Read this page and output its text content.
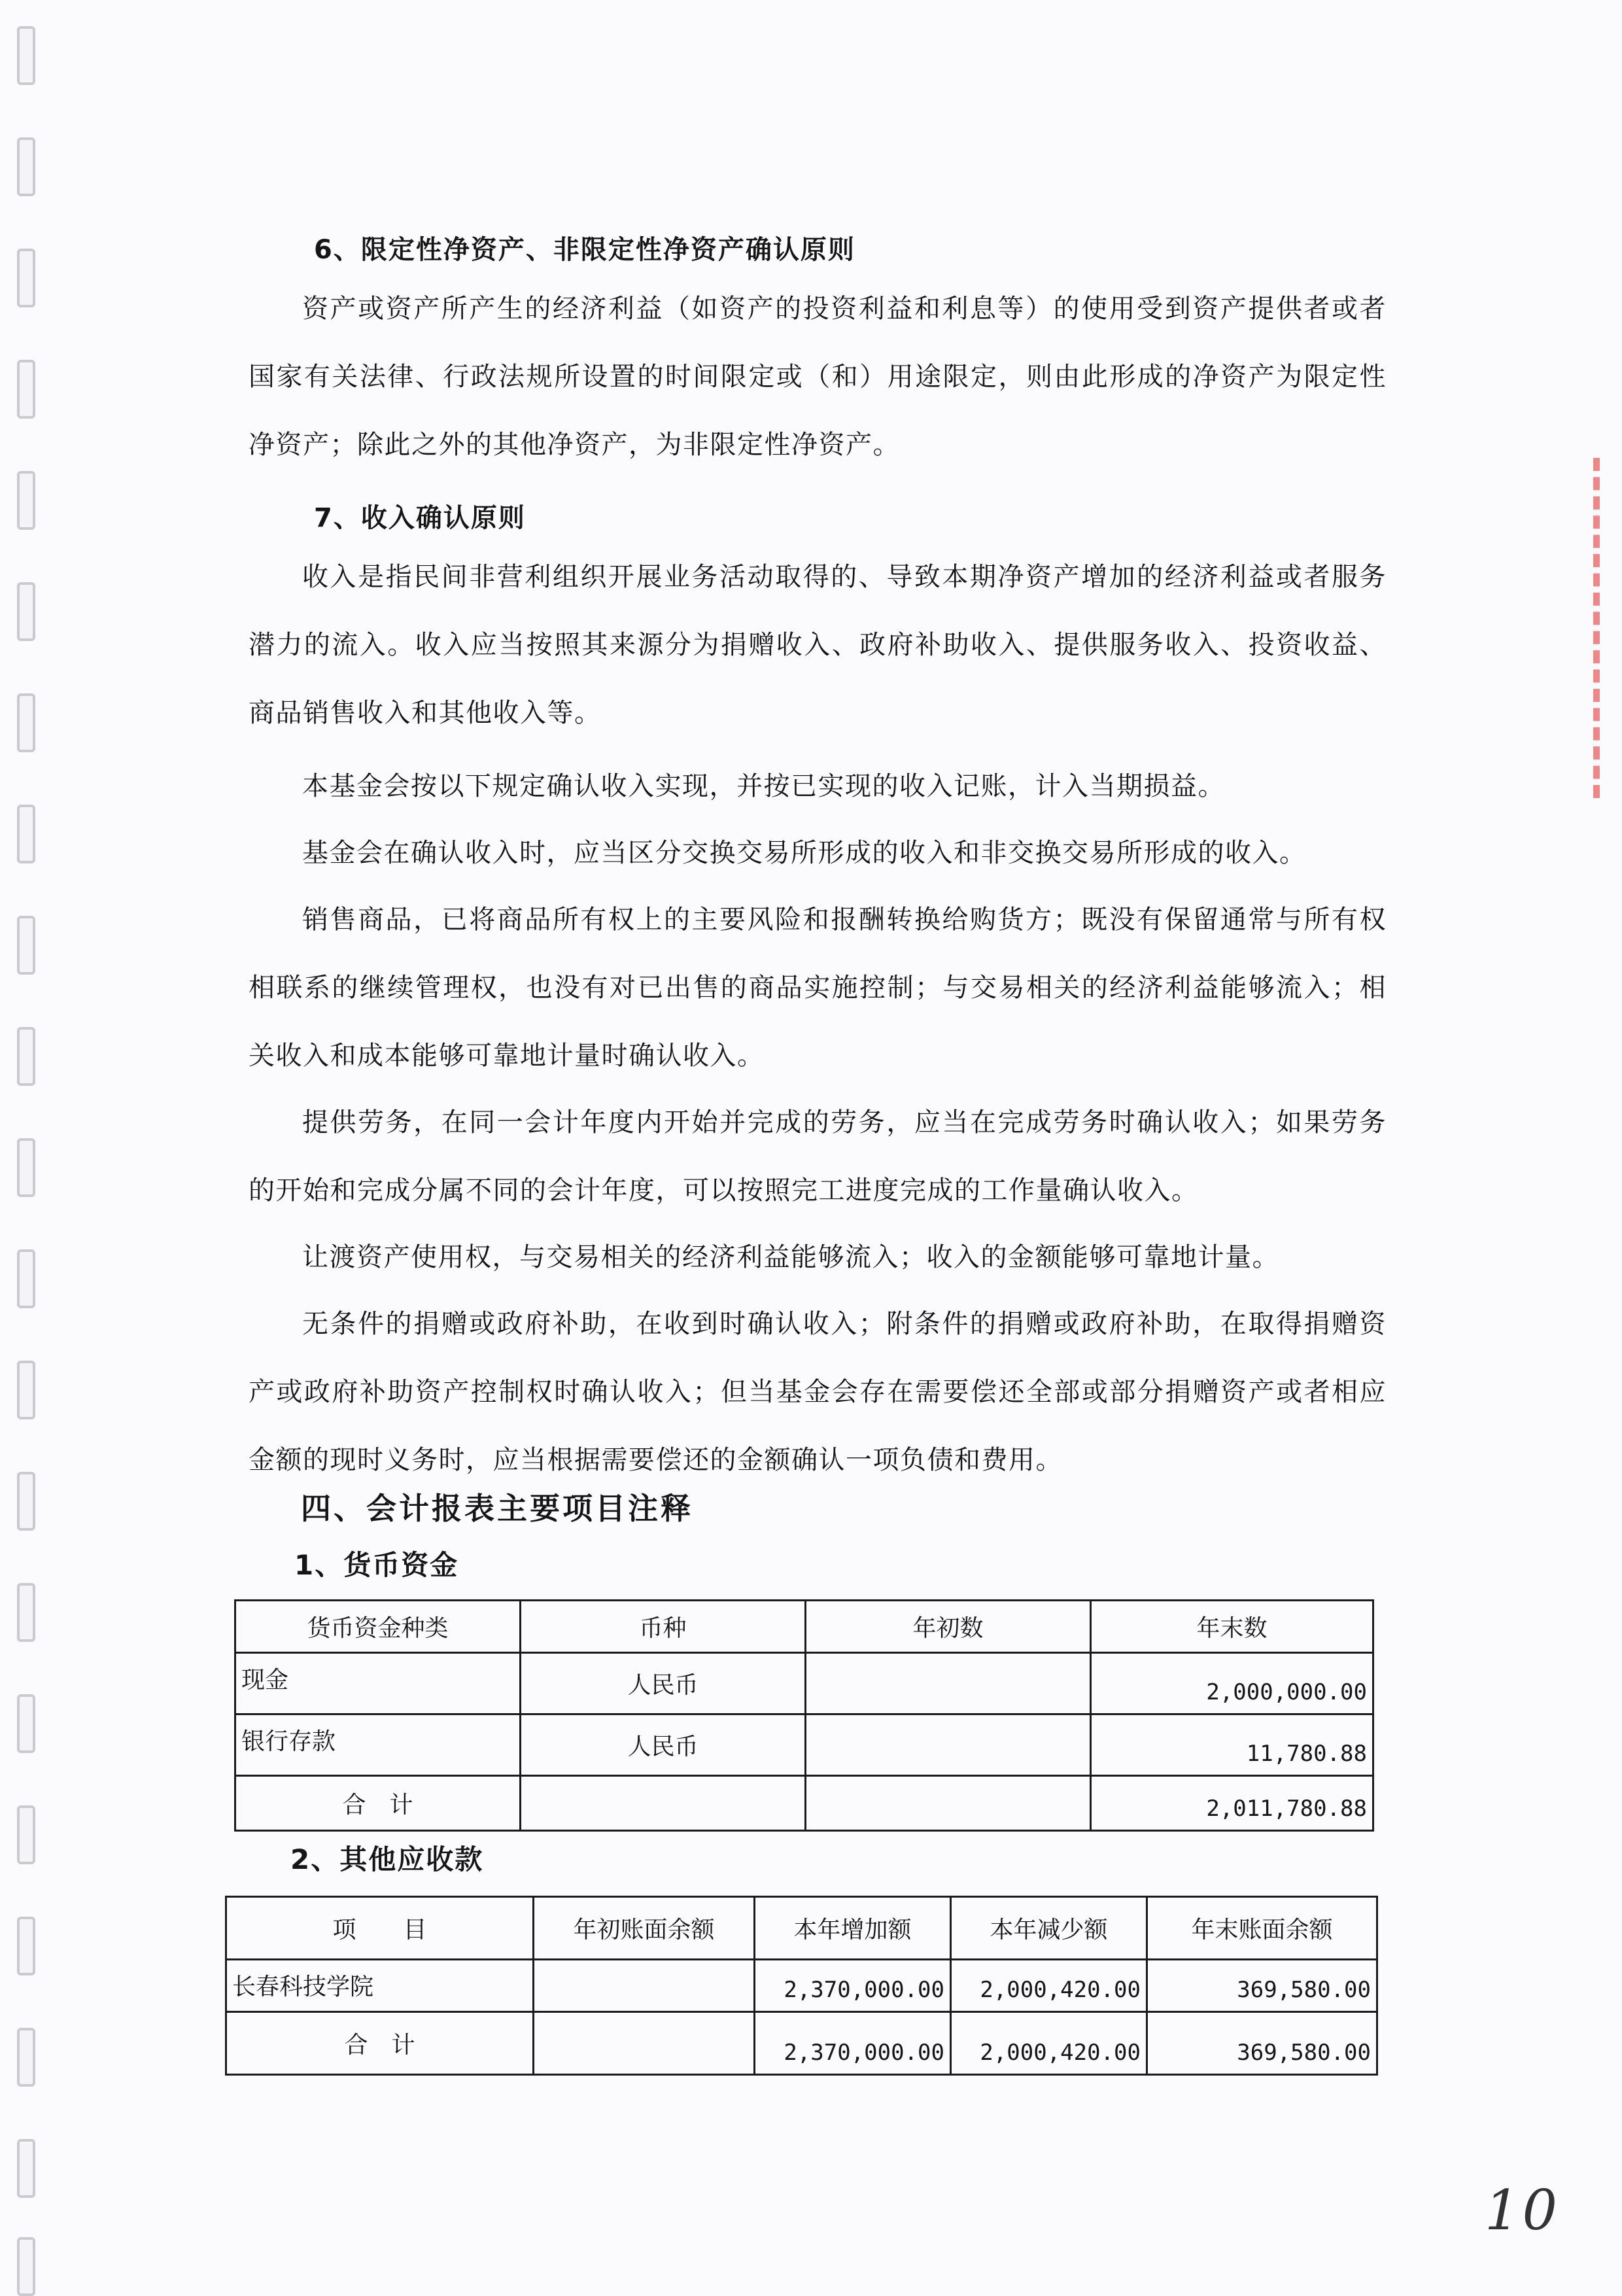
6、限定性净资产、非限定性净资产确认原则
资产或资产所产生的经济利益（如资产的投资利益和利息等）的使用受到资产提供者或者国家有关法律、行政法规所设置的时间限定或（和）用途限定，则由此形成的净资产为限定性净资产；除此之外的其他净资产，为非限定性净资产。
7、收入确认原则
收入是指民间非营利组织开展业务活动取得的、导致本期净资产增加的经济利益或者服务潜力的流入。收入应当按照其来源分为捐赠收入、政府补助收入、提供服务收入、投资收益、商品销售收入和其他收入等。
本基金会按以下规定确认收入实现，并按已实现的收入记账，计入当期损益。
基金会在确认收入时，应当区分交换交易所形成的收入和非交换交易所形成的收入。
销售商品，已将商品所有权上的主要风险和报酬转换给购货方；既没有保留通常与所有权相联系的继续管理权，也没有对已出售的商品实施控制；与交易相关的经济利益能够流入；相关收入和成本能够可靠地计量时确认收入。
提供劳务，在同一会计年度内开始并完成的劳务，应当在完成劳务时确认收入；如果劳务的开始和完成分属不同的会计年度，可以按照完工进度完成的工作量确认收入。
让渡资产使用权，与交易相关的经济利益能够流入；收入的金额能够可靠地计量。
无条件的捐赠或政府补助，在收到时确认收入；附条件的捐赠或政府补助，在取得捐赠资产或政府补助资产控制权时确认收入；但当基金会存在需要偿还全部或部分捐赠资产或者相应金额的现时义务时，应当根据需要偿还的金额确认一项负债和费用。
四、会计报表主要项目注释
1、货币资金
货币资金种类	币种	年初数	年末数
现金	人民币		2,000,000.00
银行存款	人民币		11,780.88
合　计			2,011,780.88
2、其他应收款
项　　目	年初账面余额	本年增加额	本年减少额	年末账面余额
长春科技学院		2,370,000.00	2,000,420.00	369,580.00
合　计		2,370,000.00	2,000,420.00	369,580.00
10
